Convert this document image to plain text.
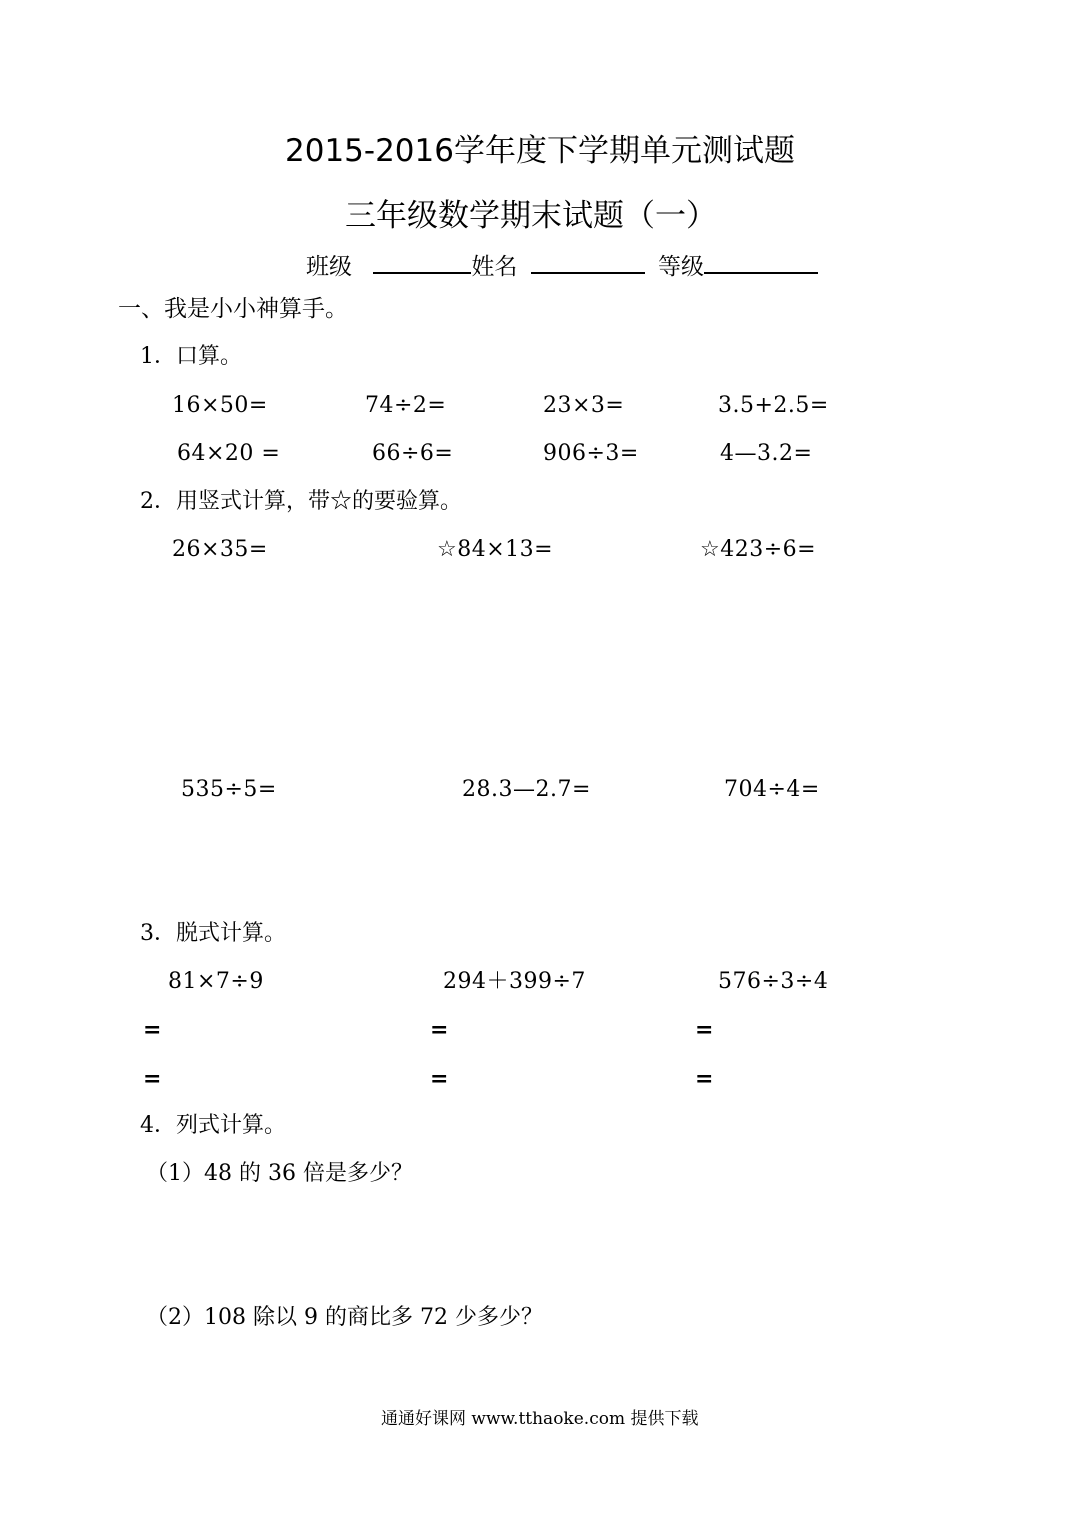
2015-2016学年度下学期单元测试题
三年级数学期末试题（一）
班级	姓名	等级
一、我是小小神算手。
1．口算。
16×50=	74÷2=	23×3=	3.5+2.5=
64×20 =	66÷6=	906÷3=	4—3.2=
2．用竖式计算，带☆的要验算。
26×35=	☆84×13=	☆423÷6=
535÷5=	28.3—2.7=	704÷4=
3．脱式计算。
81×7÷9	294＋399÷7	576÷3÷4
=	=	=
=	=	=
4．列式计算。
（1）48 的 36 倍是多少？
（2）108 除以 9 的商比多 72 少多少？
通通好课网 www.tthaoke.com 提供下载
